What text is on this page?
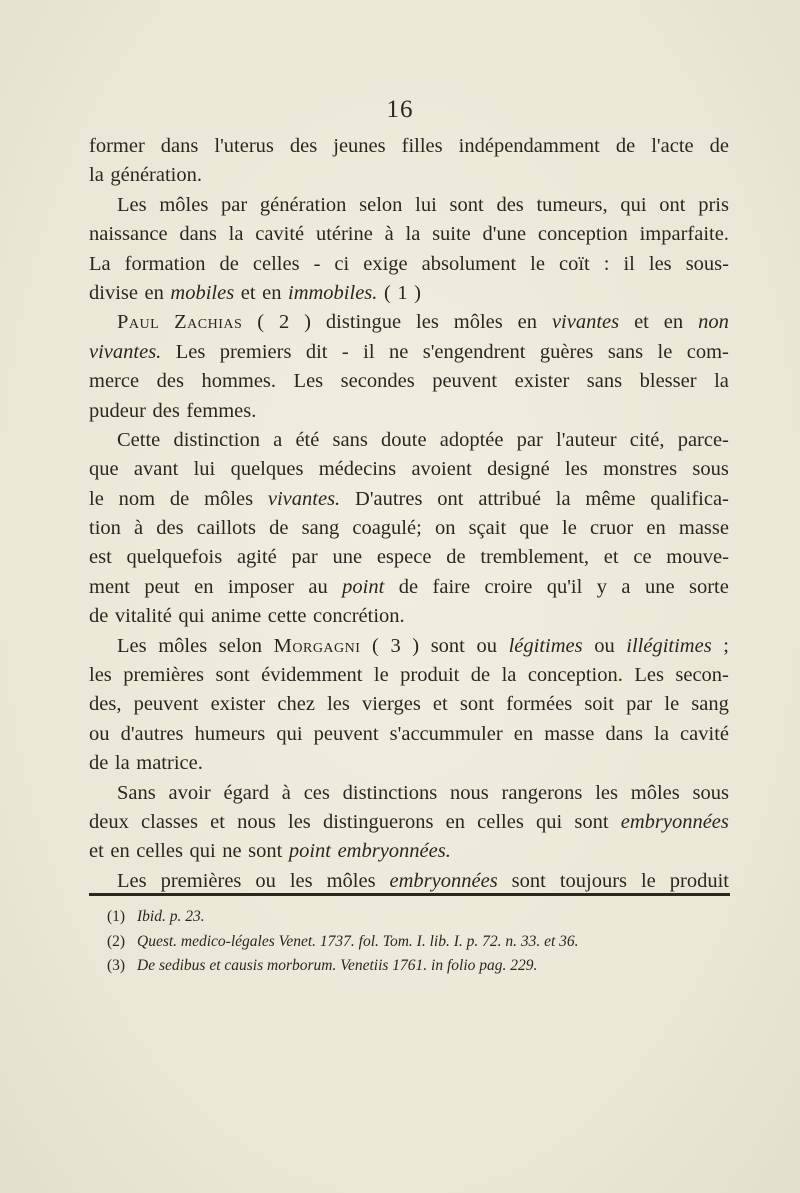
16
former dans l'uterus des jeunes filles indépendamment de l'acte de
la génération.
Les môles par génération selon lui sont des tumeurs, qui ont pris
naissance dans la cavité utérine à la suite d'une conception imparfaite.
La formation de celles - ci exige absolument le coït : il les sous-
divise en mobiles et en immobiles. ( 1 )
Paul Zachias ( 2 ) distingue les môles en vivantes et en non
vivantes. Les premiers dit - il ne s'engendrent guères sans le com-
merce des hommes. Les secondes peuvent exister sans blesser la
pudeur des femmes.
Cette distinction a été sans doute adoptée par l'auteur cité, parce-
que avant lui quelques médecins avoient designé les monstres sous
le nom de môles vivantes. D'autres ont attribué la même qualifica-
tion à des caillots de sang coagulé; on sçait que le cruor en masse
est quelquefois agité par une espece de tremblement, et ce mouve-
ment peut en imposer au point de faire croire qu'il y a une sorte
de vitalité qui anime cette concrétion.
Les môles selon Morgagni ( 3 ) sont ou légitimes ou illégitimes ;
les premières sont évidemment le produit de la conception. Les secon-
des, peuvent exister chez les vierges et sont formées soit par le sang
ou d'autres humeurs qui peuvent s'accummuler en masse dans la cavité
de la matrice.
Sans avoir égard à ces distinctions nous rangerons les môles sous
deux classes et nous les distinguerons en celles qui sont embryonnées
et en celles qui ne sont point embryonnées.
Les premières ou les môles embryonnées sont toujours le produit
(1) Ibid. p. 23.
(2) Quest. medico-légales Venet. 1737. fol. Tom. I. lib. I. p. 72. n. 33. et 36.
(3) De sedibus et causis morborum. Venetiis 1761. in folio pag. 229.
